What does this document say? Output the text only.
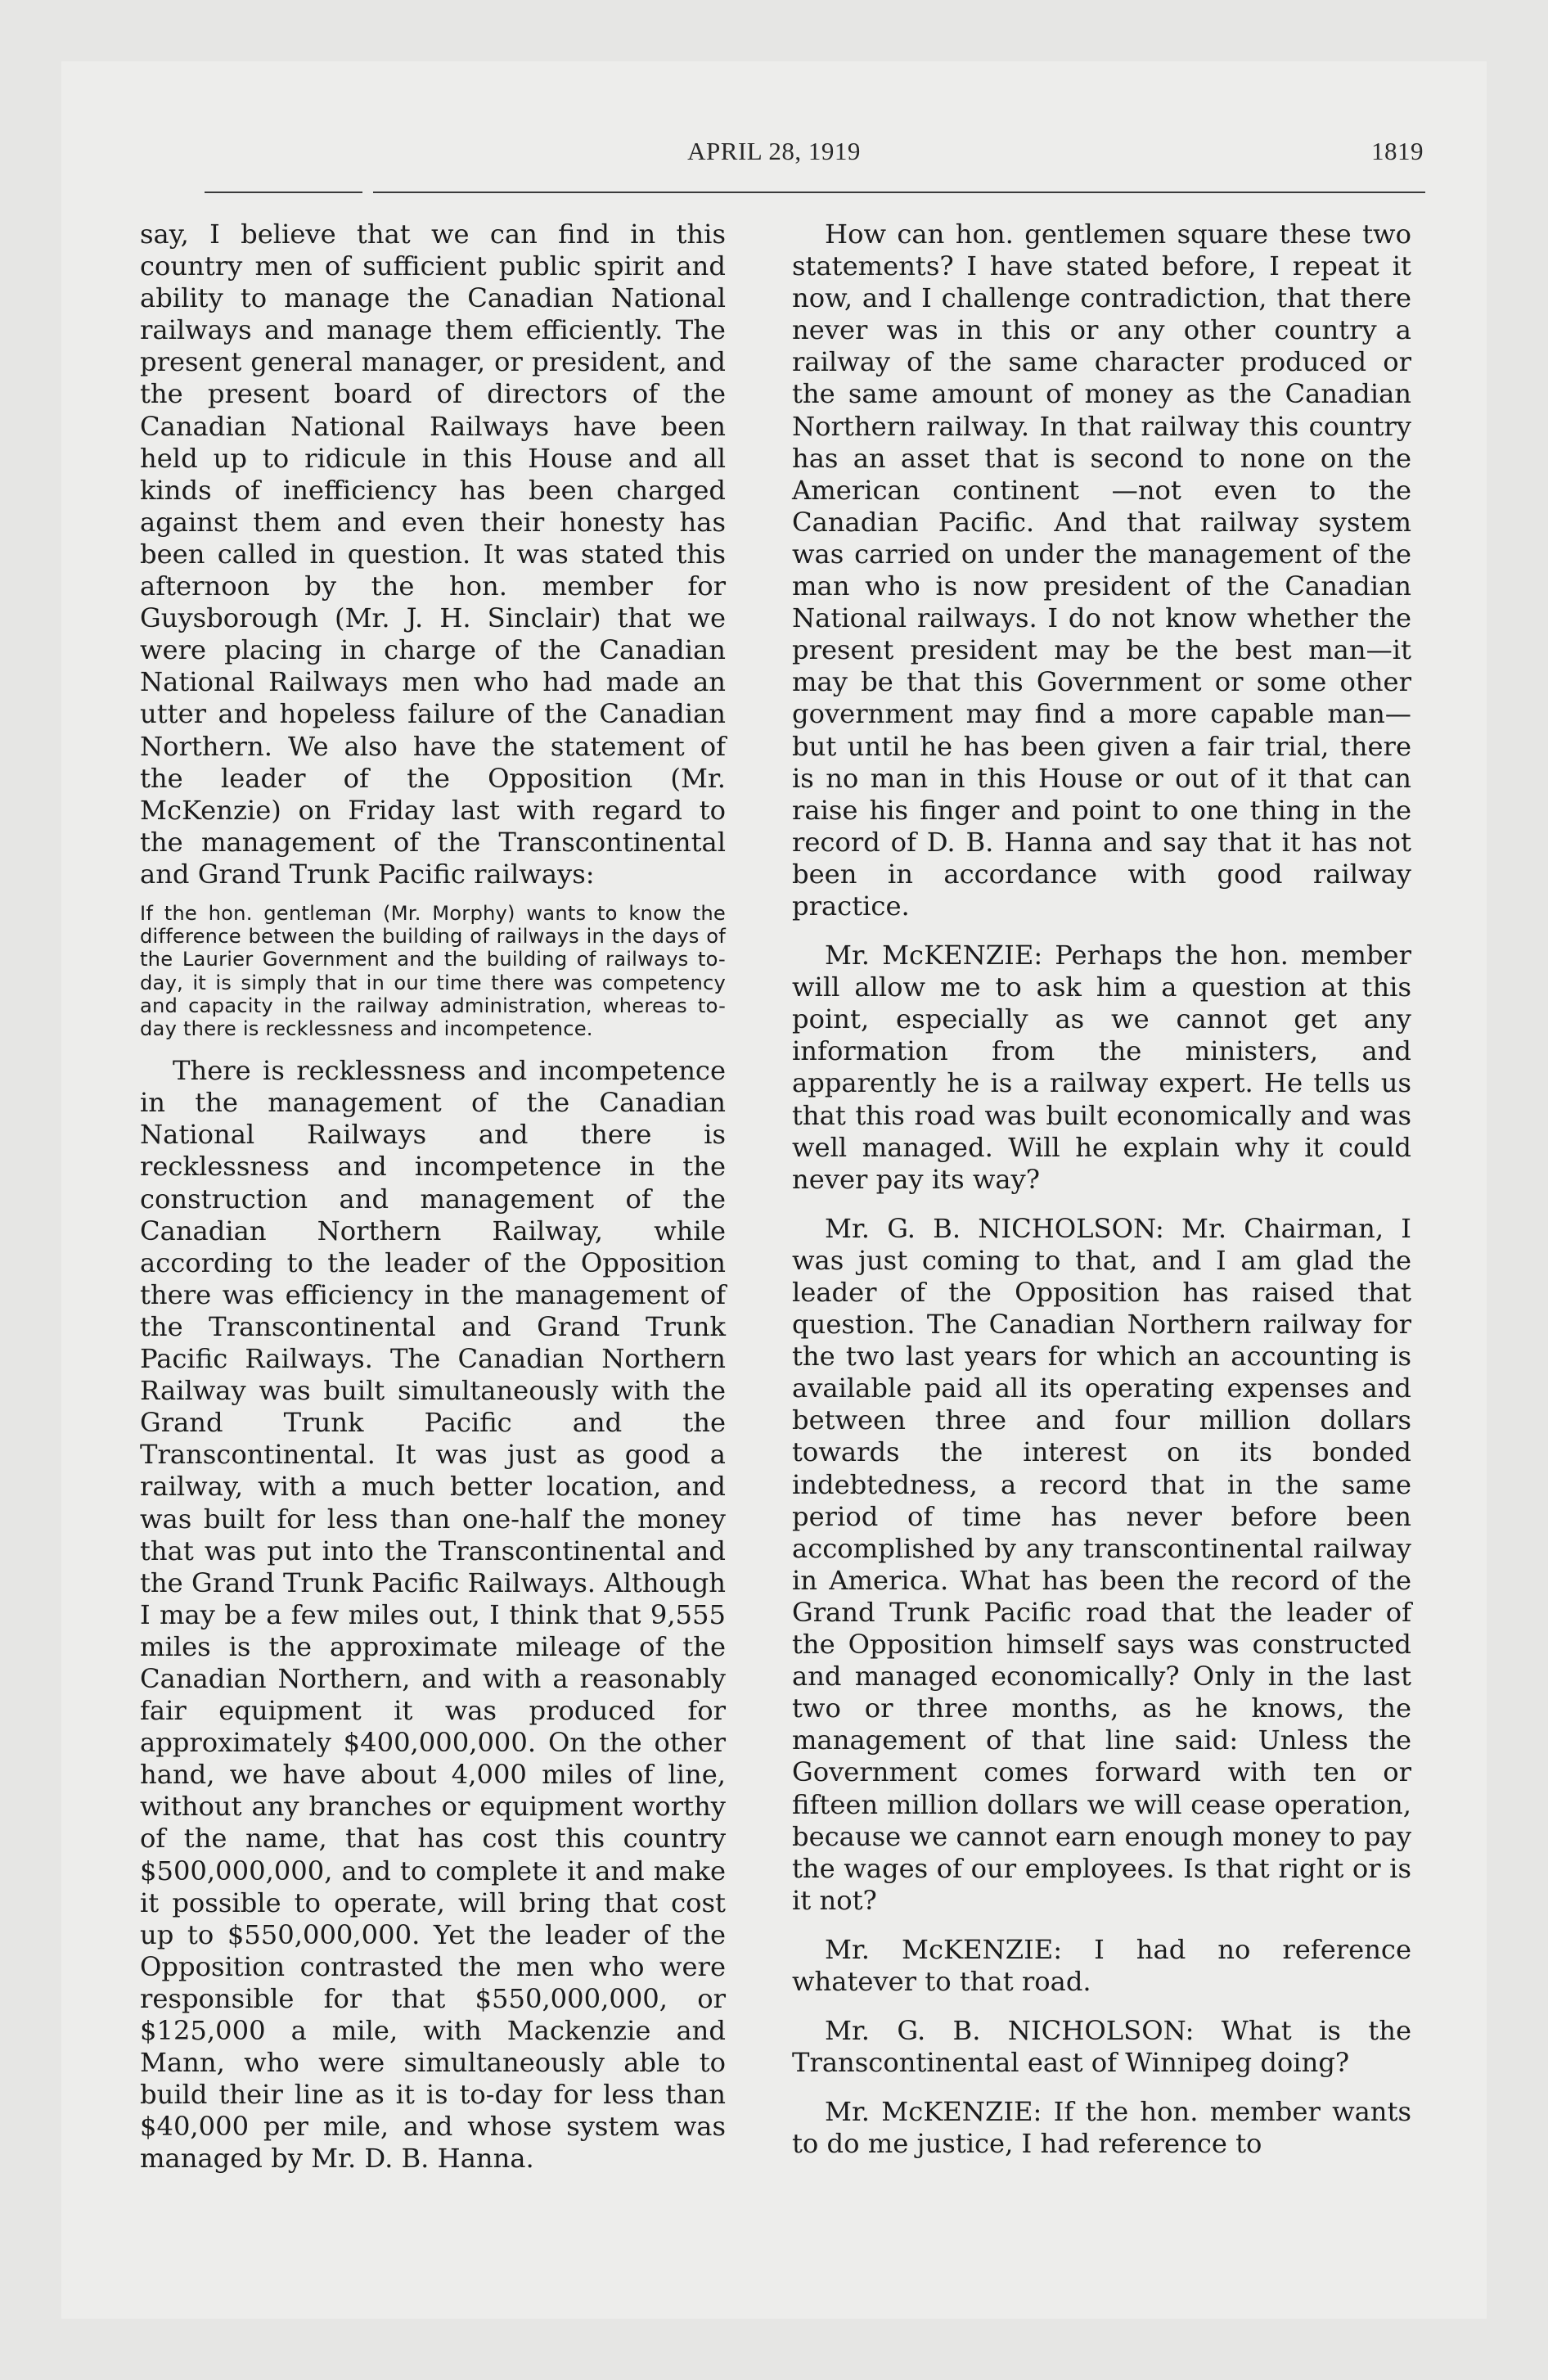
APRIL 28, 1919	1819

say, I believe that we can find in this country men of sufficient public spirit and ability to manage the Canadian National railways and manage them efficiently. The present general manager, or president, and the present board of directors of the Canadian National Railways have been held up to ridicule in this House and all kinds of inefficiency has been charged against them and even their honesty has been called in question. It was stated this afternoon by the hon. member for Guysborough (Mr. J. H. Sinclair) that we were placing in charge of the Canadian National Railways men who had made an utter and hopeless failure of the Canadian Northern. We also have the statement of the leader of the Opposition (Mr. McKenzie) on Friday last with regard to the management of the Transcontinental and Grand Trunk Pacific railways:

If the hon. gentleman (Mr. Morphy) wants to know the difference between the building of railways in the days of the Laurier Government and the building of railways to-day, it is simply that in our time there was competency and capacity in the railway administration, whereas to-day there is recklessness and incompetence.

There is recklessness and incompetence in the management of the Canadian National Railways and there is recklessness and incompetence in the construction and management of the Canadian Northern Railway, while according to the leader of the Opposition there was efficiency in the management of the Transcontinental and Grand Trunk Pacific Railways. The Canadian Northern Railway was built simultaneously with the Grand Trunk Pacific and the Transcontinental. It was just as good a railway, with a much better location, and was built for less than one-half the money that was put into the Transcontinental and the Grand Trunk Pacific Railways. Although I may be a few miles out, I think that 9,555 miles is the approximate mileage of the Canadian Northern, and with a reasonably fair equipment it was produced for approximately $400,000,000. On the other hand, we have about 4,000 miles of line, without any branches or equipment worthy of the name, that has cost this country $500,000,000, and to complete it and make it possible to operate, will bring that cost up to $550,000,000. Yet the leader of the Opposition contrasted the men who were responsible for that $550,000,000, or $125,000 a mile, with Mackenzie and Mann, who were simultaneously able to build their line as it is to-day for less than $40,000 per mile, and whose system was managed by Mr. D. B. Hanna.

How can hon. gentlemen square these two statements? I have stated before, I repeat it now, and I challenge contradiction, that there never was in this or any other country a railway of the same character produced or the same amount of money as the Canadian Northern railway. In that railway this country has an asset that is second to none on the American continent —not even to the Canadian Pacific. And that railway system was carried on under the management of the man who is now president of the Canadian National railways. I do not know whether the present president may be the best man—it may be that this Government or some other government may find a more capable man—but until he has been given a fair trial, there is no man in this House or out of it that can raise his finger and point to one thing in the record of D. B. Hanna and say that it has not been in accordance with good railway practice.

Mr. McKENZIE: Perhaps the hon. member will allow me to ask him a question at this point, especially as we cannot get any information from the ministers, and apparently he is a railway expert. He tells us that this road was built economically and was well managed. Will he explain why it could never pay its way?

Mr. G. B. NICHOLSON: Mr. Chairman, I was just coming to that, and I am glad the leader of the Opposition has raised that question. The Canadian Northern railway for the two last years for which an accounting is available paid all its operating expenses and between three and four million dollars towards the interest on its bonded indebtedness, a record that in the same period of time has never before been accomplished by any transcontinental railway in America. What has been the record of the Grand Trunk Pacific road that the leader of the Opposition himself says was constructed and managed economically? Only in the last two or three months, as he knows, the management of that line said: Unless the Government comes forward with ten or fifteen million dollars we will cease operation, because we cannot earn enough money to pay the wages of our employees. Is that right or is it not?

Mr. McKENZIE: I had no reference whatever to that road.

Mr. G. B. NICHOLSON: What is the Transcontinental east of Winnipeg doing?

Mr. McKENZIE: If the hon. member wants to do me justice, I had reference to
